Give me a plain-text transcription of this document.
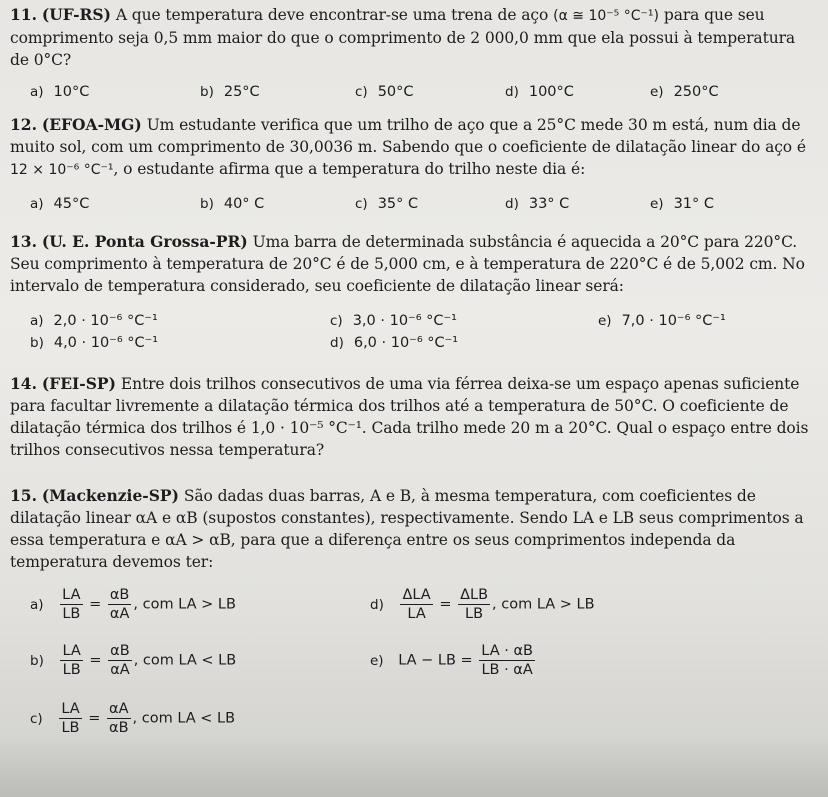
11. (UF-RS) A que temperatura deve encontrar-se uma trena de aço (α ≅ 10⁻⁵ °C⁻¹) para que seu comprimento seja 0,5 mm maior do que o comprimento de 2 000,0 mm que ela possui à temperatura de 0°C?
a) 10°C	b) 25°C	c) 50°C	d) 100°C	e) 250°C
12. (EFOA-MG) Um estudante verifica que um trilho de aço que a 25°C mede 30 m está, num dia de muito sol, com um comprimento de 30,0036 m. Sabendo que o coeficiente de dilatação linear do aço é 12 × 10⁻⁶ °C⁻¹, o estudante afirma que a temperatura do trilho neste dia é:
a) 45°C	b) 40° C	c) 35° C	d) 33° C	e) 31° C
13. (U. E. Ponta Grossa-PR) Uma barra de determinada substância é aquecida a 20°C para 220°C. Seu comprimento à temperatura de 20°C é de 5,000 cm, e à temperatura de 220°C é de 5,002 cm. No intervalo de temperatura considerado, seu coeficiente de dilatação linear será:
a) 2,0 · 10⁻⁶ °C⁻¹
b) 4,0 · 10⁻⁶ °C⁻¹
c) 3,0 · 10⁻⁶ °C⁻¹
d) 6,0 · 10⁻⁶ °C⁻¹
e) 7,0 · 10⁻⁶ °C⁻¹
14. (FEI-SP) Entre dois trilhos consecutivos de uma via férrea deixa-se um espaço apenas suficiente para facultar livremente a dilatação térmica dos trilhos até a temperatura de 50°C. O coeficiente de dilatação térmica dos trilhos é 1,0 · 10⁻⁵ °C⁻¹. Cada trilho mede 20 m a 20°C. Qual o espaço entre dois trilhos consecutivos nessa temperatura?
15. (Mackenzie-SP) São dadas duas barras, A e B, à mesma temperatura, com coeficientes de dilatação linear αA e αB (supostos constantes), respectivamente. Sendo LA e LB seus comprimentos a essa temperatura e αA > αB, para que a diferença entre os seus comprimentos independa da temperatura devemos ter:
$a) \frac{LA}{LB} = \frac{\alpha B}{\alpha A}$ , com LA > LB	$d) \frac{\text{ΔLA}}{LA} = \frac{\text{ΔLB}}{LB}$ , com LA > LB
$b) \frac{LA}{LB} = \frac{\alpha B}{\alpha A}$ , com LA < LB	e) LA − LB = $\frac{LA \cdot \alpha B}{LB \cdot \alpha A}$
$c) \frac{LA}{LB} = \frac{\alpha A}{\alpha B}$ , com LA < LB
